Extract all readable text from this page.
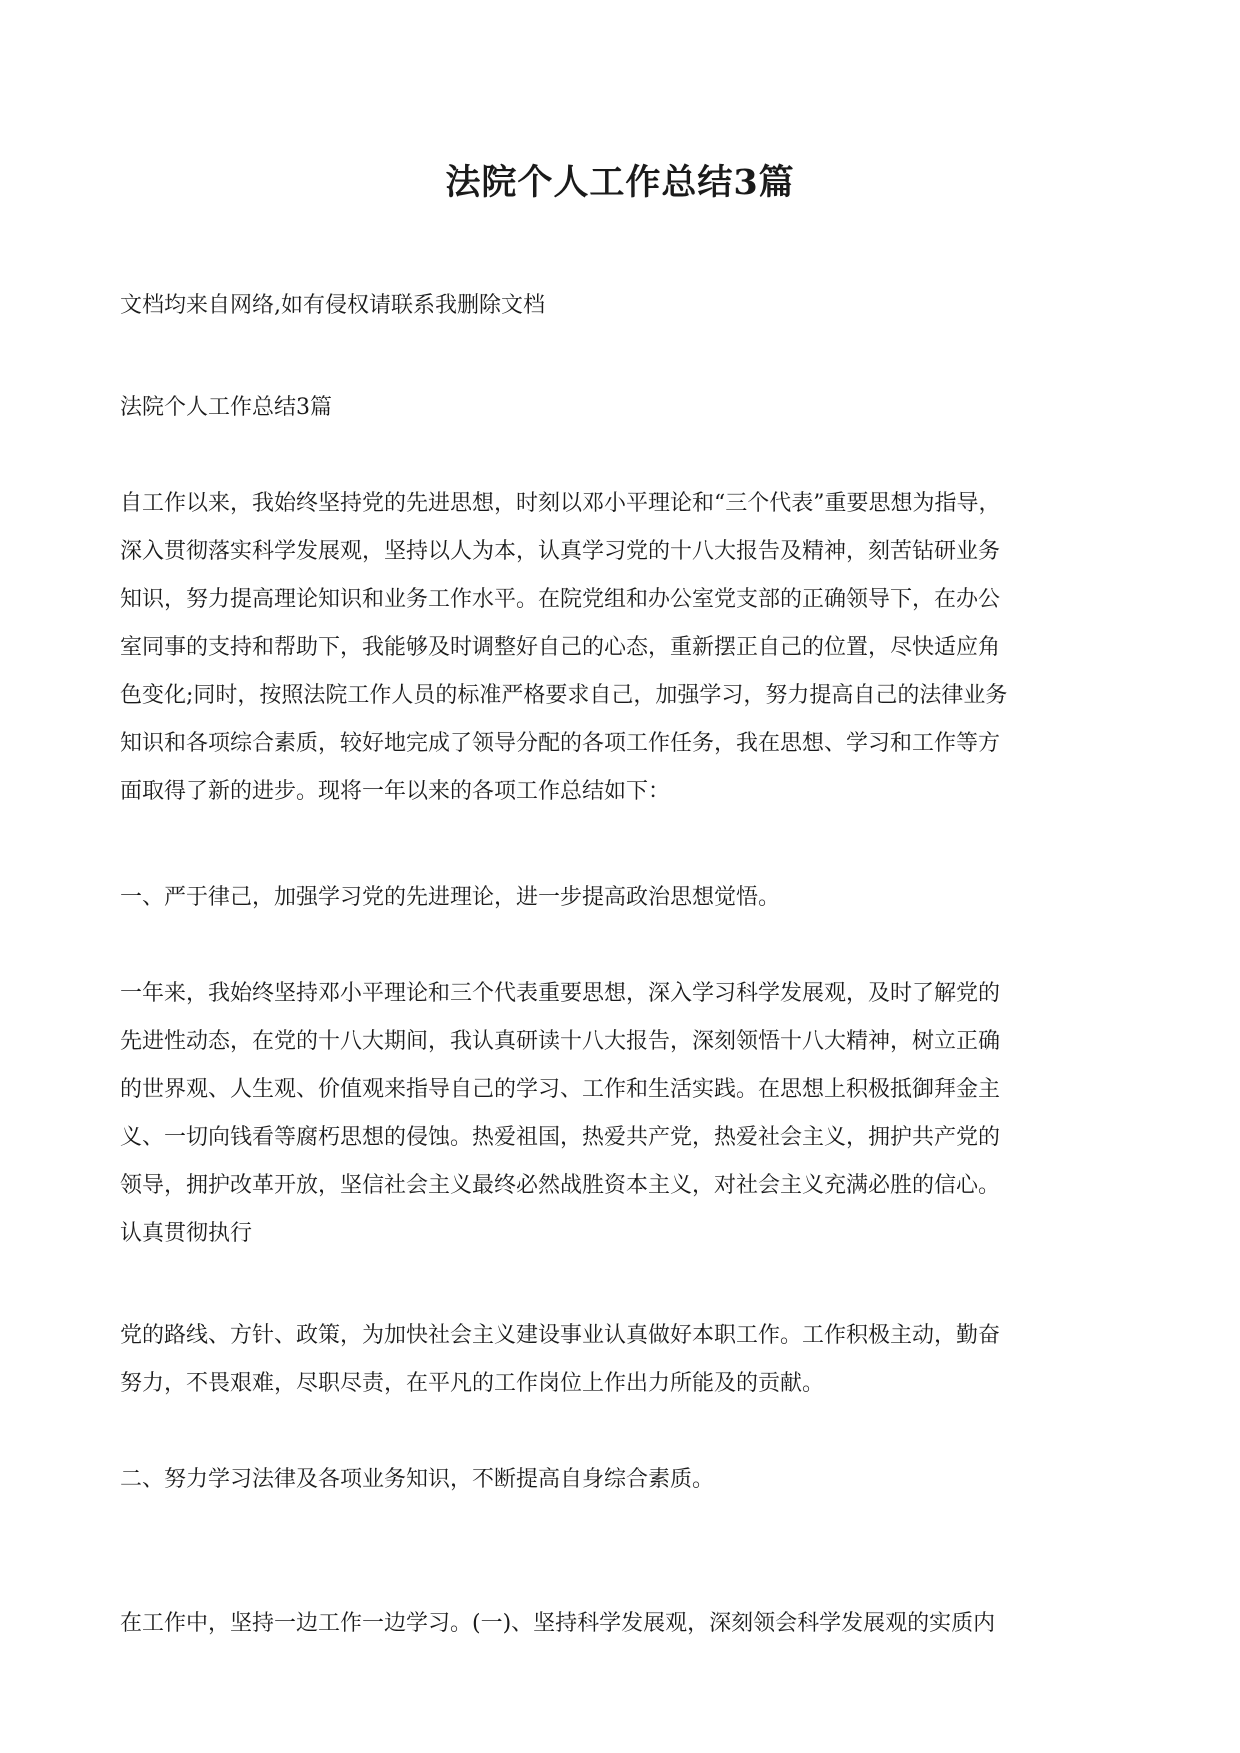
法院个人工作总结3篇
文档均来自网络,如有侵权请联系我删除文档
法院个人工作总结3篇
自工作以来，我始终坚持党的先进思想，时刻以邓小平理论和“三个代表”重要思想为指导，
深入贯彻落实科学发展观，坚持以人为本，认真学习党的十八大报告及精神，刻苦钻研业务
知识，努力提高理论知识和业务工作水平。在院党组和办公室党支部的正确领导下，在办公
室同事的支持和帮助下，我能够及时调整好自己的心态，重新摆正自己的位置，尽快适应角
色变化;同时，按照法院工作人员的标准严格要求自己，加强学习，努力提高自己的法律业务
知识和各项综合素质，较好地完成了领导分配的各项工作任务，我在思想、学习和工作等方
面取得了新的进步。现将一年以来的各项工作总结如下：
一、严于律己，加强学习党的先进理论，进一步提高政治思想觉悟。
一年来，我始终坚持邓小平理论和三个代表重要思想，深入学习科学发展观，及时了解党的
先进性动态，在党的十八大期间，我认真研读十八大报告，深刻领悟十八大精神，树立正确
的世界观、人生观、价值观来指导自己的学习、工作和生活实践。在思想上积极抵御拜金主
义、一切向钱看等腐朽思想的侵蚀。热爱祖国，热爱共产党，热爱社会主义，拥护共产党的
领导，拥护改革开放，坚信社会主义最终必然战胜资本主义，对社会主义充满必胜的信心。
认真贯彻执行
党的路线、方针、政策，为加快社会主义建设事业认真做好本职工作。工作积极主动，勤奋
努力，不畏艰难，尽职尽责，在平凡的工作岗位上作出力所能及的贡献。
二、努力学习法律及各项业务知识，不断提高自身综合素质。
在工作中，坚持一边工作一边学习。(一)、坚持科学发展观，深刻领会科学发展观的实质内
